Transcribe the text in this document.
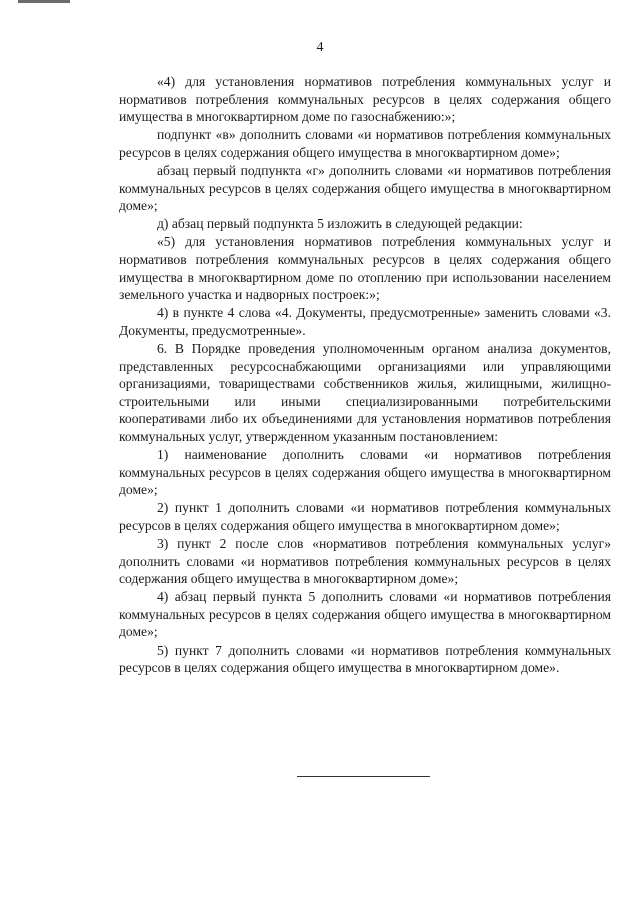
4

«4) для установления нормативов потребления коммунальных услуг и нормативов потребления коммунальных ресурсов в целях содержания общего имущества в многоквартирном доме по газоснабжению:»;

подпункт «в» дополнить словами «и нормативов потребления коммунальных ресурсов в целях содержания общего имущества в многоквартирном доме»;

абзац первый подпункта «г» дополнить словами «и нормативов потребления коммунальных ресурсов в целях содержания общего имущества в многоквартирном доме»;

д) абзац первый подпункта 5 изложить в следующей редакции:

«5) для установления нормативов потребления коммунальных услуг и нормативов потребления коммунальных ресурсов в целях содержания общего имущества в многоквартирном доме по отоплению при использовании населением земельного участка и надворных построек:»;

4) в пункте 4 слова «4. Документы, предусмотренные» заменить словами «3. Документы, предусмотренные».

6. В Порядке проведения уполномоченным органом анализа документов, представленных ресурсоснабжающими организациями или управляющими организациями, товариществами собственников жилья, жилищными, жилищно-строительными или иными специализированными потребительскими кооперативами либо их объединениями для установления нормативов потребления коммунальных услуг, утвержденном указанным постановлением:

1) наименование дополнить словами «и нормативов потребления коммунальных ресурсов в целях содержания общего имущества в многоквартирном доме»;

2) пункт 1 дополнить словами «и нормативов потребления коммунальных ресурсов в целях содержания общего имущества в многоквартирном доме»;

3) пункт 2 после слов «нормативов потребления коммунальных услуг» дополнить словами «и нормативов потребления коммунальных ресурсов в целях содержания общего имущества в многоквартирном доме»;

4) абзац первый пункта 5 дополнить словами «и нормативов потребления коммунальных ресурсов в целях содержания общего имущества в многоквартирном доме»;

5) пункт 7 дополнить словами «и нормативов потребления коммунальных ресурсов в целях содержания общего имущества в многоквартирном доме».
